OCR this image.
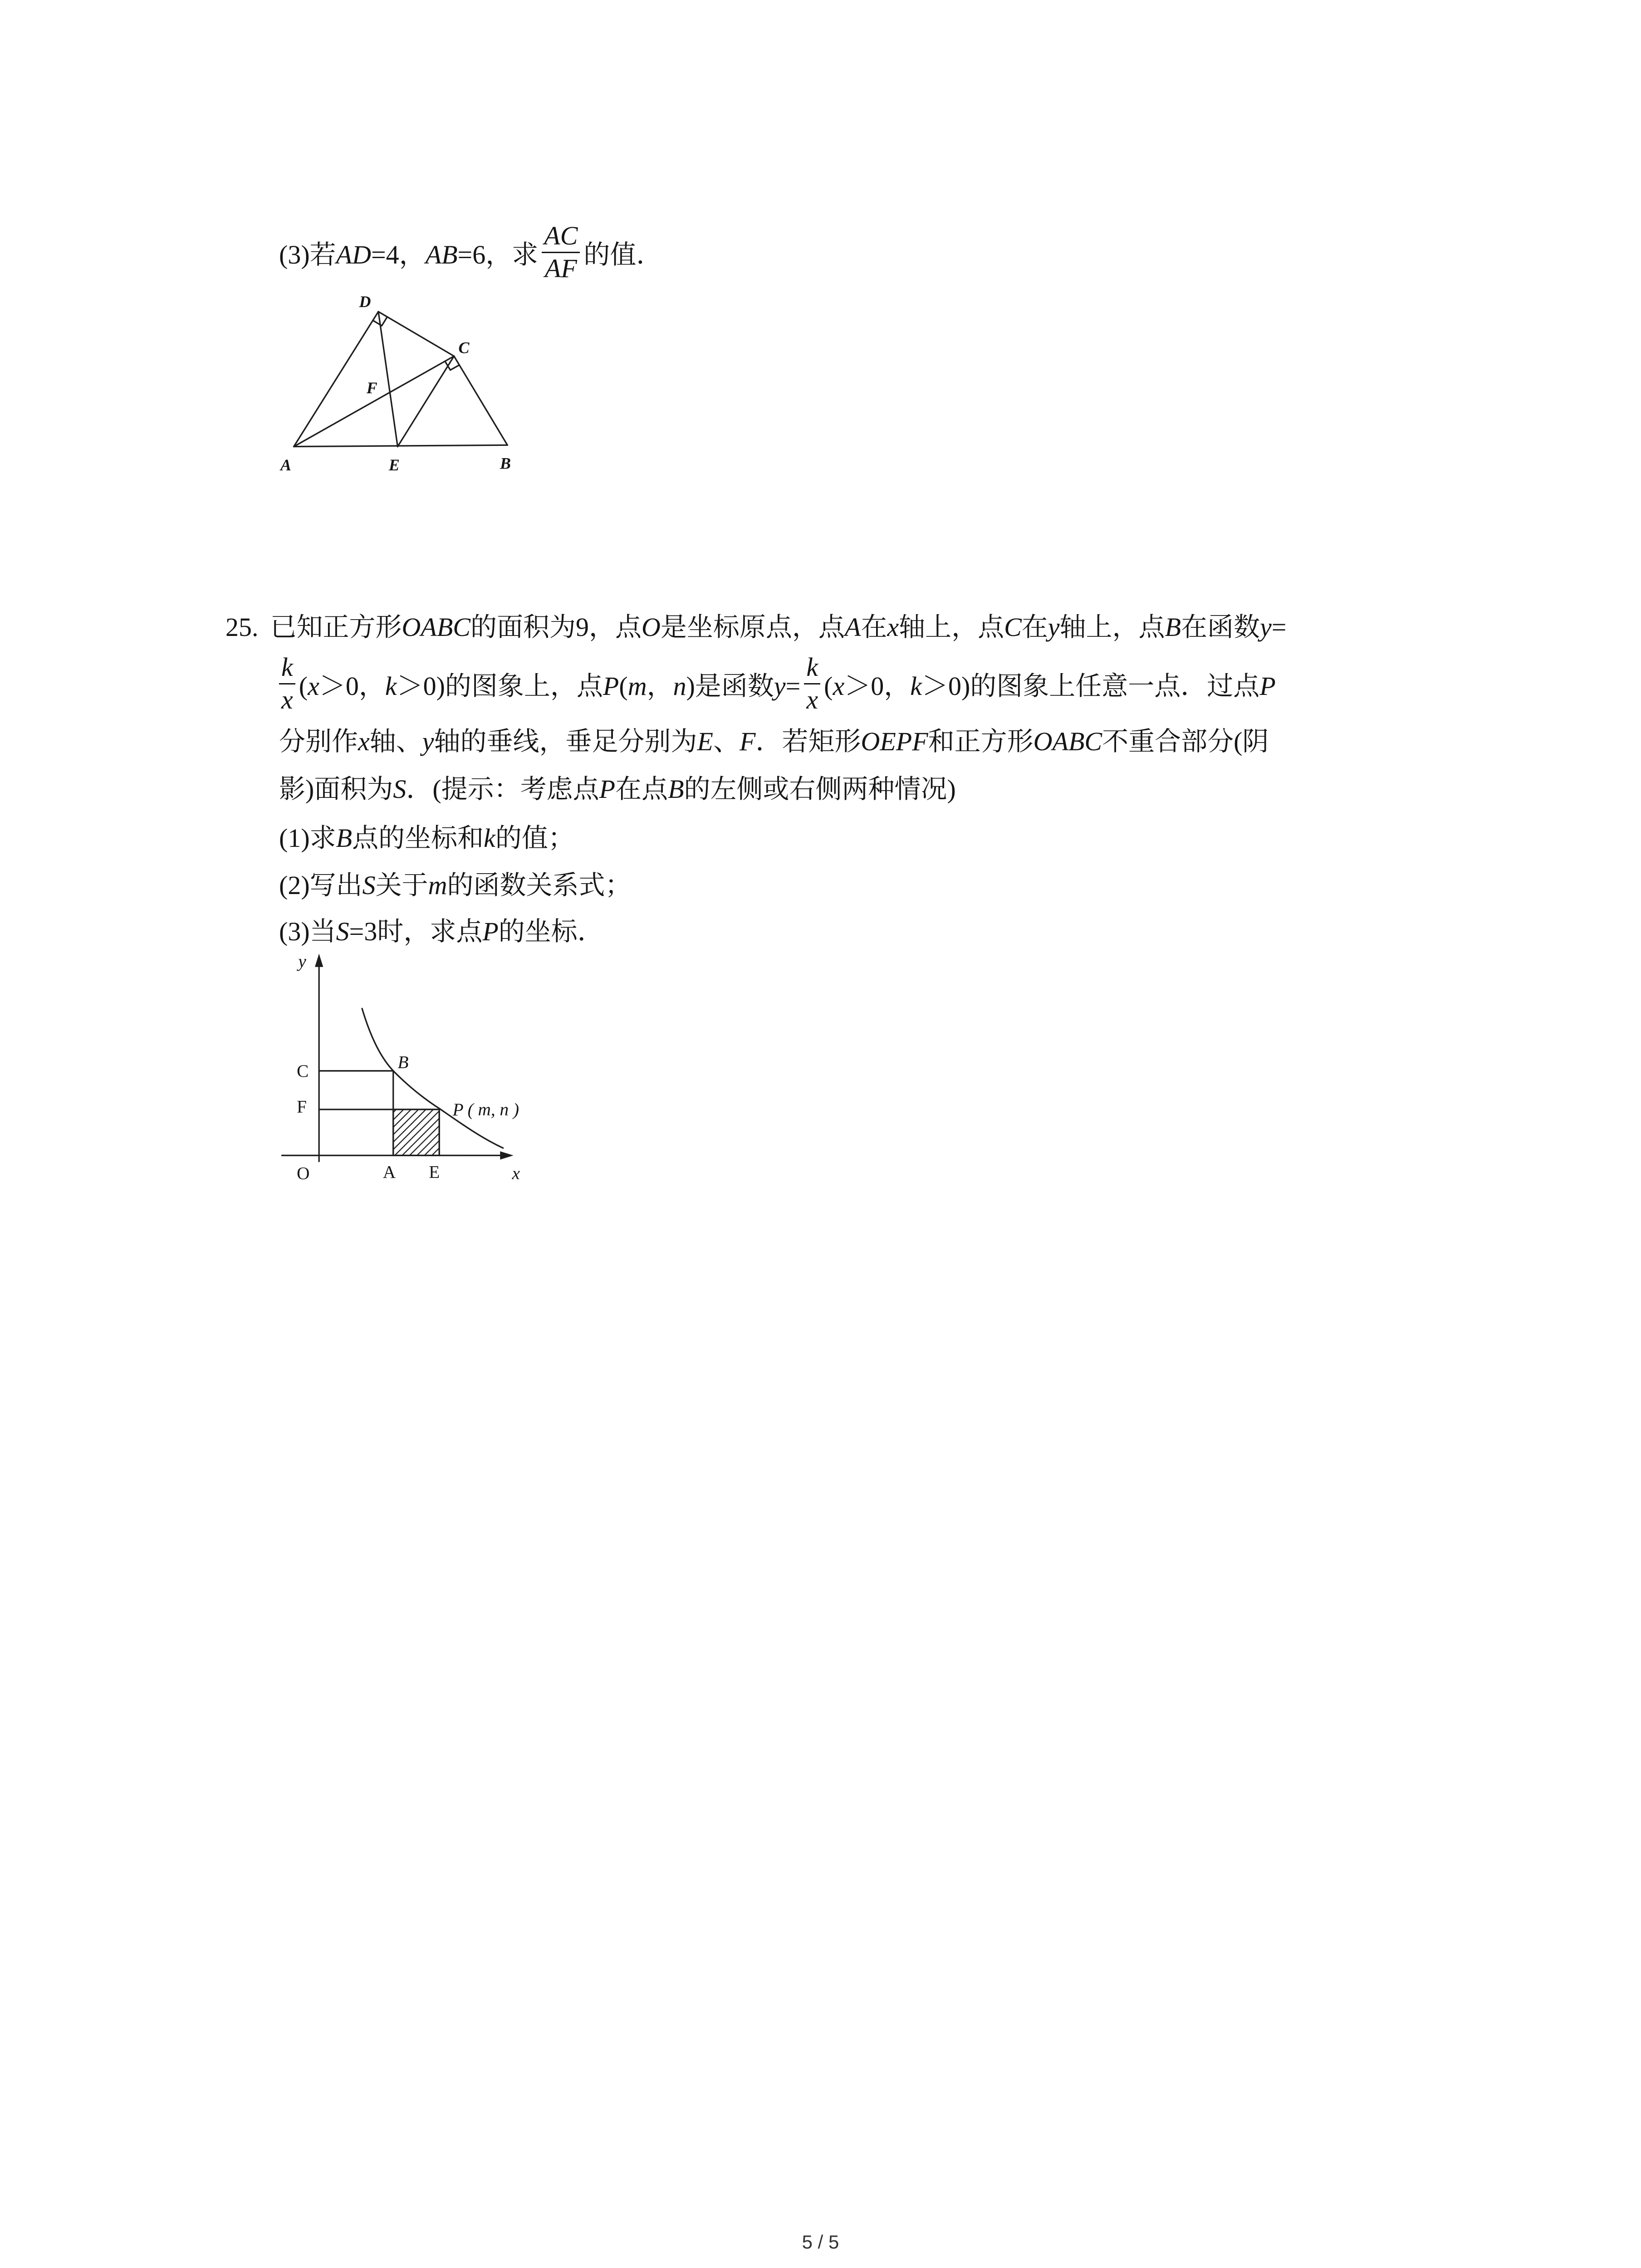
(3)若AD=4，AB=6，求 $\frac{AC}{AF}$ 的值．
D
C
F
A	E	B
25. 已知正方形OABC的面积为9，点O是坐标原点，点A在x轴上，点C在y轴上，点B在函数y=
$\frac{k}{x} (x>0$，k＞0)的图象上，点P(m，n)是函数$y= \frac{k}{x} (x>0$，k＞0)的图象上任意一点．过点P
分别作x轴、y轴的垂线，垂足分别为E、F．若矩形OEPF和正方形OABC不重合部分(阴
影)面积为S．(提示：考虑点P在点B的左侧或右侧两种情况)
(1)求B点的坐标和k的值；
(2)写出S关于m的函数关系式；
(3)当S=3时，求点P的坐标．
y
C
F
B
P ( m, n )
O	A	E	x
5 / 5
